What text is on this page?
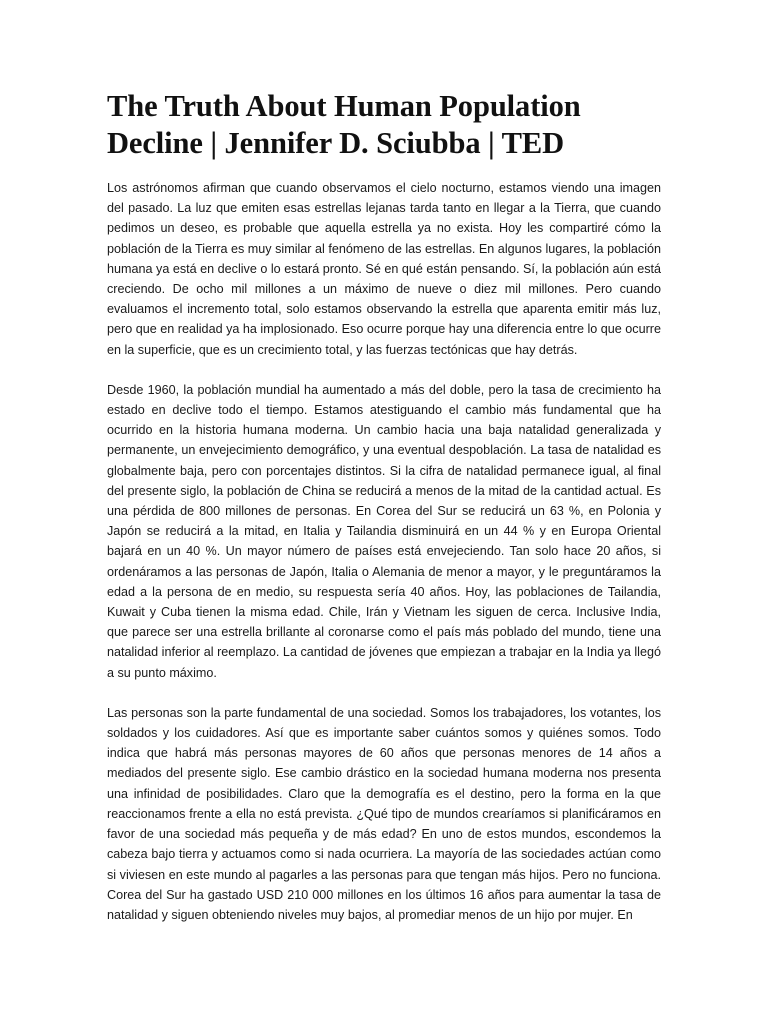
The Truth About Human Population Decline | Jennifer D. Sciubba | TED

Los astrónomos afirman que cuando observamos el cielo nocturno, estamos viendo una imagen del pasado. La luz que emiten esas estrellas lejanas tarda tanto en llegar a la Tierra, que cuando pedimos un deseo, es probable que aquella estrella ya no exista. Hoy les compartiré cómo la población de la Tierra es muy similar al fenómeno de las estrellas. En algunos lugares, la población humana ya está en declive o lo estará pronto. Sé en qué están pensando. Sí, la población aún está creciendo. De ocho mil millones a un máximo de nueve o diez mil millones. Pero cuando evaluamos el incremento total, solo estamos observando la estrella que aparenta emitir más luz, pero que en realidad ya ha implosionado. Eso ocurre porque hay una diferencia entre lo que ocurre en la superficie, que es un crecimiento total, y las fuerzas tectónicas que hay detrás.

Desde 1960, la población mundial ha aumentado a más del doble, pero la tasa de crecimiento ha estado en declive todo el tiempo. Estamos atestiguando el cambio más fundamental que ha ocurrido en la historia humana moderna. Un cambio hacia una baja natalidad generalizada y permanente, un envejecimiento demográfico, y una eventual despoblación. La tasa de natalidad es globalmente baja, pero con porcentajes distintos. Si la cifra de natalidad permanece igual, al final del presente siglo, la población de China se reducirá a menos de la mitad de la cantidad actual. Es una pérdida de 800 millones de personas. En Corea del Sur se reducirá un 63 %, en Polonia y Japón se reducirá a la mitad, en Italia y Tailandia disminuirá en un 44 % y en Europa Oriental bajará en un 40 %. Un mayor número de países está envejeciendo. Tan solo hace 20 años, si ordenáramos a las personas de Japón, Italia o Alemania de menor a mayor, y le preguntáramos la edad a la persona de en medio, su respuesta sería 40 años. Hoy, las poblaciones de Tailandia, Kuwait y Cuba tienen la misma edad. Chile, Irán y Vietnam les siguen de cerca. Inclusive India, que parece ser una estrella brillante al coronarse como el país más poblado del mundo, tiene una natalidad inferior al reemplazo. La cantidad de jóvenes que empiezan a trabajar en la India ya llegó a su punto máximo.

Las personas son la parte fundamental de una sociedad. Somos los trabajadores, los votantes, los soldados y los cuidadores. Así que es importante saber cuántos somos y quiénes somos. Todo indica que habrá más personas mayores de 60 años que personas menores de 14 años a mediados del presente siglo. Ese cambio drástico en la sociedad humana moderna nos presenta una infinidad de posibilidades. Claro que la demografía es el destino, pero la forma en la que reaccionamos frente a ella no está prevista. ¿Qué tipo de mundos crearíamos si planificáramos en favor de una sociedad más pequeña y de más edad? En uno de estos mundos, escondemos la cabeza bajo tierra y actuamos como si nada ocurriera. La mayoría de las sociedades actúan como si viviesen en este mundo al pagarles a las personas para que tengan más hijos. Pero no funciona. Corea del Sur ha gastado USD 210 000 millones en los últimos 16 años para aumentar la tasa de natalidad y siguen obteniendo niveles muy bajos, al promediar menos de un hijo por mujer. En
